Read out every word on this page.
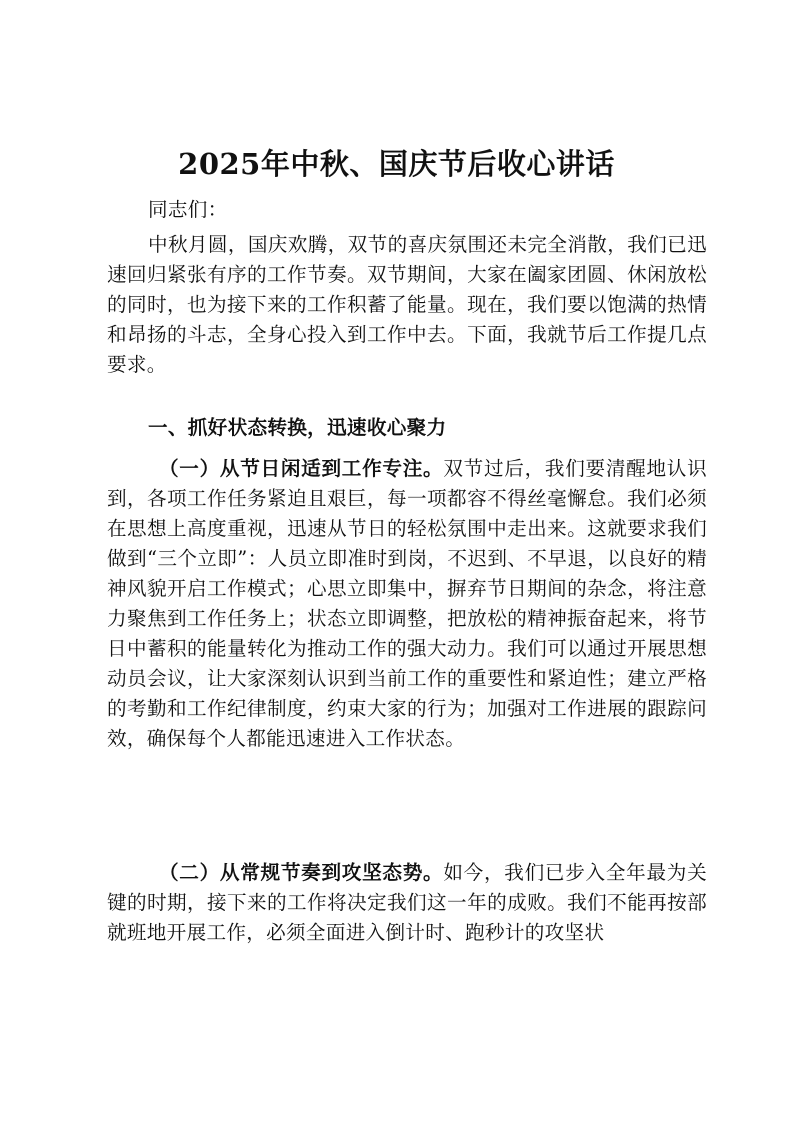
2025年中秋、国庆节后收心讲话
同志们：

中秋月圆，国庆欢腾，双节的喜庆氛围还未完全消散，我们已迅速回归紧张有序的工作节奏。双节期间，大家在阖家团圆、休闲放松的同时，也为接下来的工作积蓄了能量。现在，我们要以饱满的热情和昂扬的斗志，全身心投入到工作中去。下面，我就节后工作提几点要求。

一、抓好状态转换，迅速收心聚力

（一）从节日闲适到工作专注。双节过后，我们要清醒地认识到，各项工作任务紧迫且艰巨，每一项都容不得丝毫懈怠。我们必须在思想上高度重视，迅速从节日的轻松氛围中走出来。这就要求我们做到“三个立即”：人员立即准时到岗，不迟到、不早退，以良好的精神风貌开启工作模式；心思立即集中，摒弃节日期间的杂念，将注意力聚焦到工作任务上；状态立即调整，把放松的精神振奋起来，将节日中蓄积的能量转化为推动工作的强大动力。我们可以通过开展思想动员会议，让大家深刻认识到当前工作的重要性和紧迫性；建立严格的考勤和工作纪律制度，约束大家的行为；加强对工作进展的跟踪问效，确保每个人都能迅速进入工作状态。

（二）从常规节奏到攻坚态势。如今，我们已步入全年最为关键的时期，接下来的工作将决定我们这一年的成败。我们不能再按部就班地开展工作，必须全面进入倒计时、跑秒计的攻坚状
